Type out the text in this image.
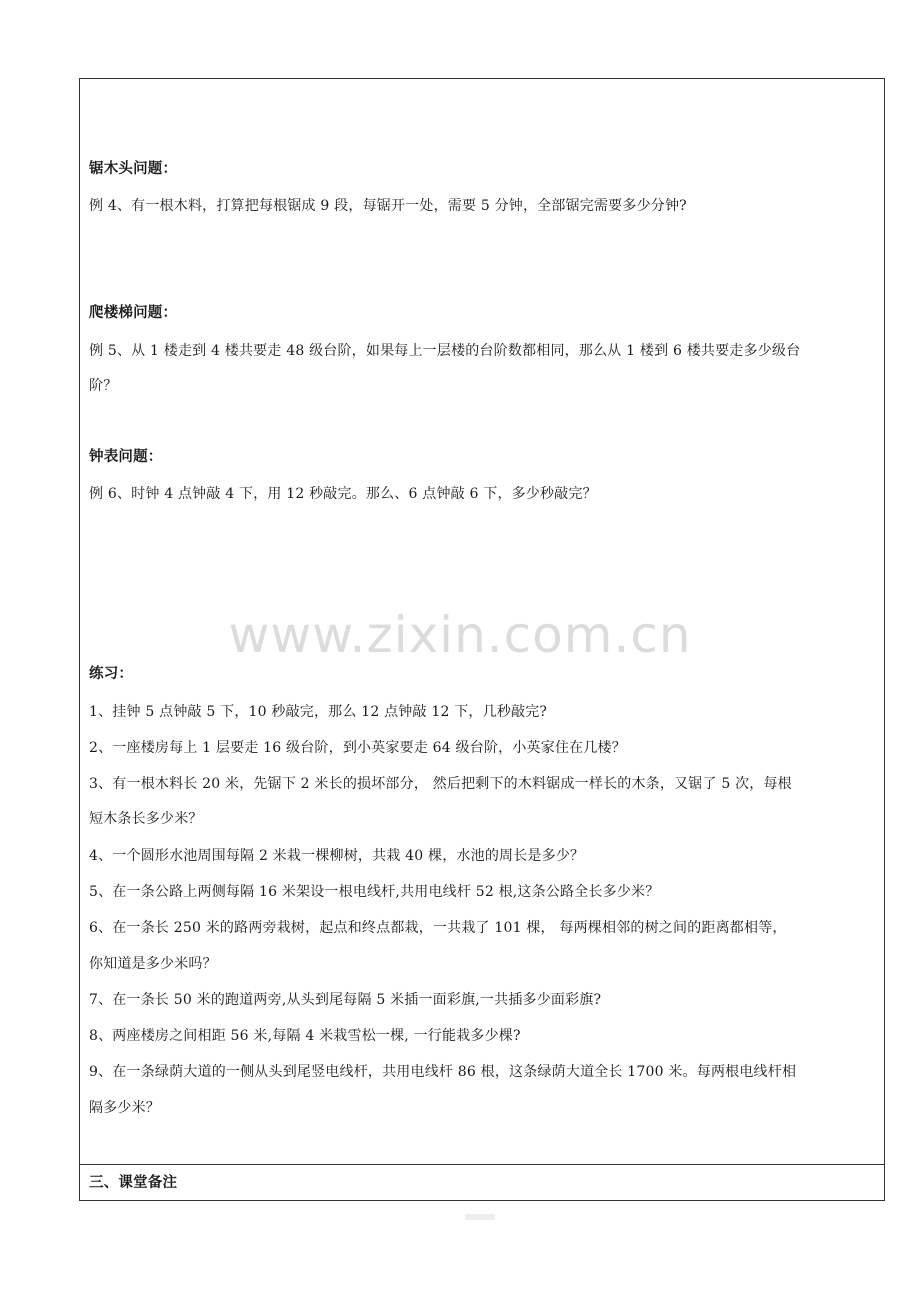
锯木头问题：
例 4、有一根木料，打算把每根锯成 9 段，每锯开一处，需要 5 分钟，全部锯完需要多少分钟?
爬楼梯问题：
例 5、从 1 楼走到 4 楼共要走 48 级台阶，如果每上一层楼的台阶数都相同，那么从 1 楼到 6 楼共要走多少级台
阶？
钟表问题：
例 6、时钟 4 点钟敲 4 下，用 12 秒敲完。那么、6 点钟敲 6 下，多少秒敲完？
练习：
1、挂钟 5 点钟敲 5 下，10 秒敲完，那么 12 点钟敲 12 下，几秒敲完?
2、一座楼房每上 1 层要走 16 级台阶，到小英家要走 64 级台阶，小英家住在几楼？
3、有一根木料长 20 米，先锯下 2 米长的损坏部分， 然后把剩下的木料锯成一样长的木条，又锯了 5 次，每根
短木条长多少米？
4、一个圆形水池周围每隔 2 米栽一棵柳树，共栽 40 棵，水池的周长是多少？
5、在一条公路上两侧每隔 16 米架设一根电线杆,共用电线杆 52 根,这条公路全长多少米？
6、在一条长 250 米的路两旁栽树，起点和终点都栽，一共栽了 101 棵， 每两棵相邻的树之间的距离都相等，
你知道是多少米吗？
7、在一条长 50 米的跑道两旁,从头到尾每隔 5 米插一面彩旗,一共插多少面彩旗?
8、两座楼房之间相距 56 米,每隔 4 米栽雪松一棵, 一行能栽多少棵?
9、在一条绿荫大道的一侧从头到尾竖电线杆，共用电线杆 86 根，这条绿荫大道全长 1700 米。每两根电线杆相
隔多少米？
三、课堂备注
www.zixin.com.cn
